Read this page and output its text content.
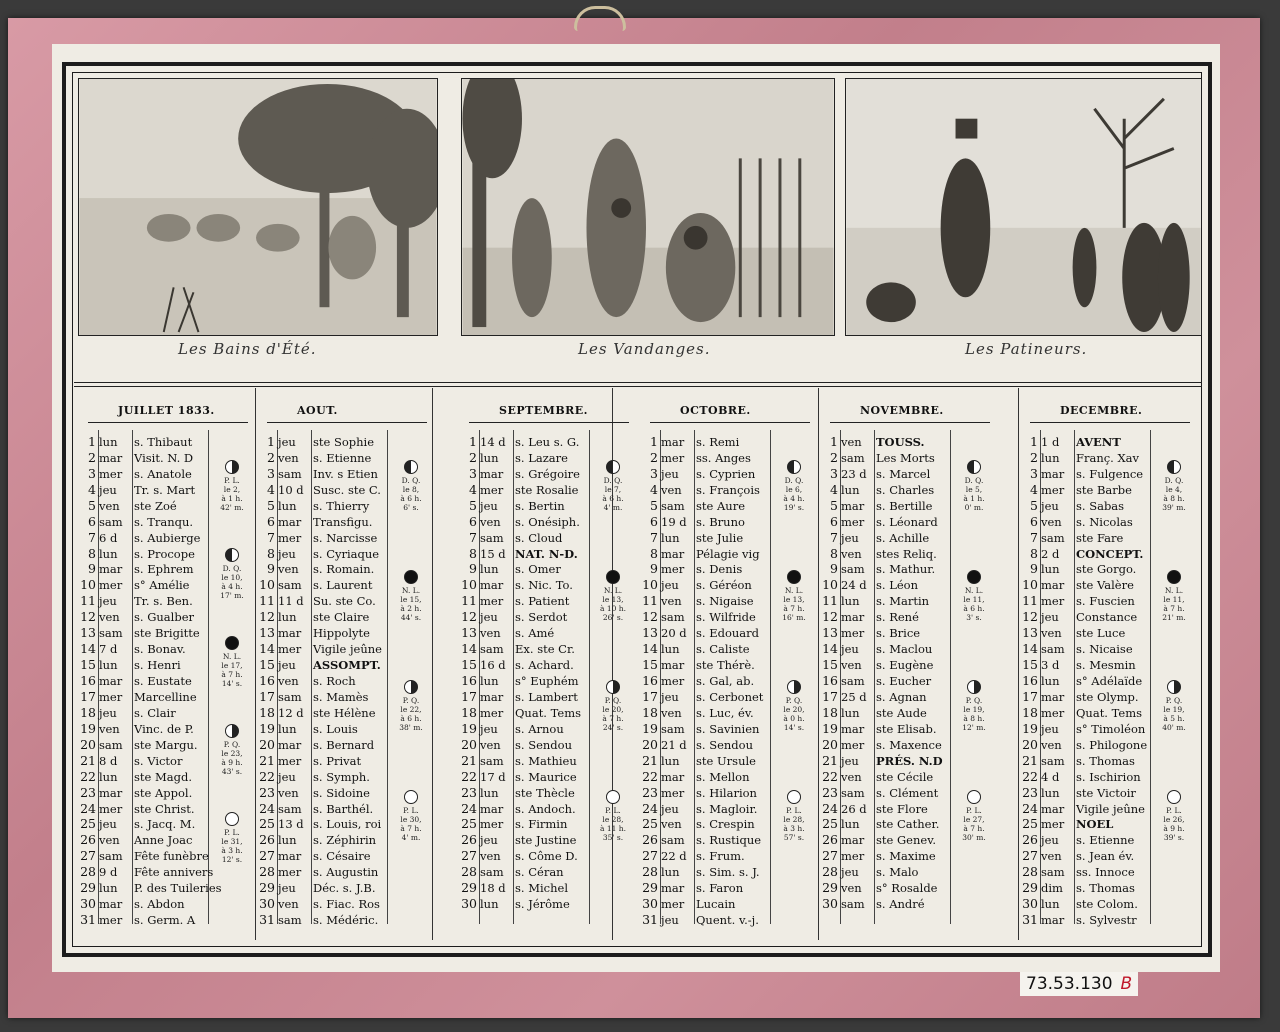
Les Bains d'Été.	Les Vandanges.	Les Patineurs.
JUILLET 1833.
1 lun s. Thibaut
2 mar Visit. N. D
3 mer s. Anatole
4 jeu Tr. s. Mart
5 ven ste Zoé
6 sam s. Tranqu.
7 6 d s. Aubierge
8 lun s. Procope
9 mar s. Ephrem
10 mer s° Amélie
11 jeu Tr. s. Ben.
12 ven s. Gualber
13 sam ste Brigitte
14 7 d s. Bonav.
15 lun s. Henri
16 mar s. Eustate
17 mer Marcelline
18 jeu s. Clair
19 ven Vinc. de P.
20 sam ste Margu.
21 8 d s. Victor
22 lun ste Magd.
23 mar ste Appol.
24 mer ste Christ.
25 jeu s. Jacq. M.
26 ven Anne Joac
27 sam Fête funèbre
28 9 d Fête annivers
29 lun P. des Tuileries
30 mar s. Abdon
31 mer s. Germ. A
P. L.
le 2,
à 1 h.
42' m.
D. Q.
le 10,
à 4 h.
17' m.
N. L.
le 17,
à 7 h.
14' s.
P. Q.
le 23,
à 9 h.
43' s.
P. L.
le 31,
à 3 h.
12' s.
AOUT.
1 jeu ste Sophie
2 ven s. Etienne
3 sam Inv. s Etien
4 10 d Susc. ste C.
5 lun s. Thierry
6 mar Transfigu.
7 mer s. Narcisse
8 jeu s. Cyriaque
9 ven s. Romain.
10 sam s. Laurent
11 11 d Su. ste Co.
12 lun ste Claire
13 mar Hippolyte
14 mer Vigile jeûne
15 jeu ASSOMPT.
16 ven s. Roch
17 sam s. Mamès
18 12 d ste Hélène
19 lun s. Louis
20 mar s. Bernard
21 mer s. Privat
22 jeu s. Symph.
23 ven s. Sidoine
24 sam s. Barthél.
25 13 d s. Louis, roi
26 lun s. Zéphirin
27 mar s. Césaire
28 mer s. Augustin
29 jeu Déc. s. J.B.
30 ven s. Fiac. Ros
31 sam s. Médéric.
D. Q.
le 8,
à 6 h.
6' s.
N. L.
le 15,
à 2 h.
44' s.
P. Q.
le 22,
à 6 h.
38' m.
P. L.
le 30,
à 7 h.
4' m.
SEPTEMBRE.
1 14 d s. Leu s. G.
2 lun s. Lazare
3 mar s. Grégoire
4 mer ste Rosalie
5 jeu s. Bertin
6 ven s. Onésiph.
7 sam s. Cloud
8 15 d NAT. N-D.
9 lun s. Omer
10 mar s. Nic. To.
11 mer s. Patient
12 jeu s. Serdot
13 ven s. Amé
14 sam Ex. ste Cr.
15 16 d s. Achard.
16 lun s° Euphém
17 mar s. Lambert
18 mer Quat. Tems
19 jeu s. Arnou
20 ven s. Sendou
21 sam s. Mathieu
22 17 d s. Maurice
23 lun ste Thècle
24 mar s. Andoch.
25 mer s. Firmin
26 jeu ste Justine
27 ven s. Côme D.
28 sam s. Céran
29 18 d s. Michel
30 lun s. Jérôme
D. Q.
le 7,
à 6 h.
4' m.
N. L.
le 13,
à 10 h.
26' s.
P. Q.
le 20,
à 7 h.
24' s.
P. L.
le 28,
à 11 h.
35' s.
OCTOBRE.
1 mar s. Remi
2 mer ss. Anges
3 jeu s. Cyprien
4 ven s. François
5 sam ste Aure
6 19 d s. Bruno
7 lun ste Julie
8 mar Pélagie vig
9 mer s. Denis
10 jeu s. Géréon
11 ven s. Nigaise
12 sam s. Wilfride
13 20 d s. Edouard
14 lun s. Caliste
15 mar ste Thérè.
16 mer s. Gal, ab.
17 jeu s. Cerbonet
18 ven s. Luc, év.
19 sam s. Savinien
20 21 d s. Sendou
21 lun ste Ursule
22 mar s. Mellon
23 mer s. Hilarion
24 jeu s. Magloir.
25 ven s. Crespin
26 sam s. Rustique
27 22 d s. Frum.
28 lun s. Sim. s. J.
29 mar s. Faron
30 mer Lucain
31 jeu Quent. v.-j.
D. Q.
le 6,
à 4 h.
19' s.
N. L.
le 13,
à 7 h.
16' m.
P. Q.
le 20,
à 0 h.
14' s.
P. L.
le 28,
à 3 h.
57' s.
NOVEMBRE.
1 ven TOUSS.
2 sam Les Morts
3 23 d s. Marcel
4 lun s. Charles
5 mar s. Bertille
6 mer s. Léonard
7 jeu s. Achille
8 ven stes Reliq.
9 sam s. Mathur.
10 24 d s. Léon
11 lun s. Martin
12 mar s. René
13 mer s. Brice
14 jeu s. Maclou
15 ven s. Eugène
16 sam s. Eucher
17 25 d s. Agnan
18 lun ste Aude
19 mar ste Elisab.
20 mer s. Maxence
21 jeu PRÉS. N.D
22 ven ste Cécile
23 sam s. Clément
24 26 d ste Flore
25 lun ste Cather.
26 mar ste Genev.
27 mer s. Maxime
28 jeu s. Malo
29 ven s° Rosalde
30 sam s. André
D. Q.
le 5,
à 1 h.
0' m.
N. L.
le 11,
à 6 h.
3' s.
P. Q.
le 19,
à 8 h.
12' m.
P. L.
le 27,
à 7 h.
30' m.
DECEMBRE.
1 1 d AVENT
2 lun Franç. Xav
3 mar s. Fulgence
4 mer ste Barbe
5 jeu s. Sabas
6 ven s. Nicolas
7 sam ste Fare
8 2 d CONCEPT.
9 lun ste Gorgo.
10 mar ste Valère
11 mer s. Fuscien
12 jeu Constance
13 ven ste Luce
14 sam s. Nicaise
15 3 d s. Mesmin
16 lun s° Adélaïde
17 mar ste Olymp.
18 mer Quat. Tems
19 jeu s° Timoléon
20 ven s. Philogone
21 sam s. Thomas
22 4 d s. Ischirion
23 lun ste Victoir
24 mar Vigile jeûne
25 mer NOEL
26 jeu s. Etienne
27 ven s. Jean év.
28 sam ss. Innoce
29 dim s. Thomas
30 lun ste Colom.
31 mar s. Sylvestr
D. Q.
le 4,
à 8 h.
39' m.
N. L.
le 11,
à 7 h.
21' m.
P. Q.
le 19,
à 5 h.
40' m.
P. L.
le 26,
à 9 h.
39' s.
73.53.130 B
